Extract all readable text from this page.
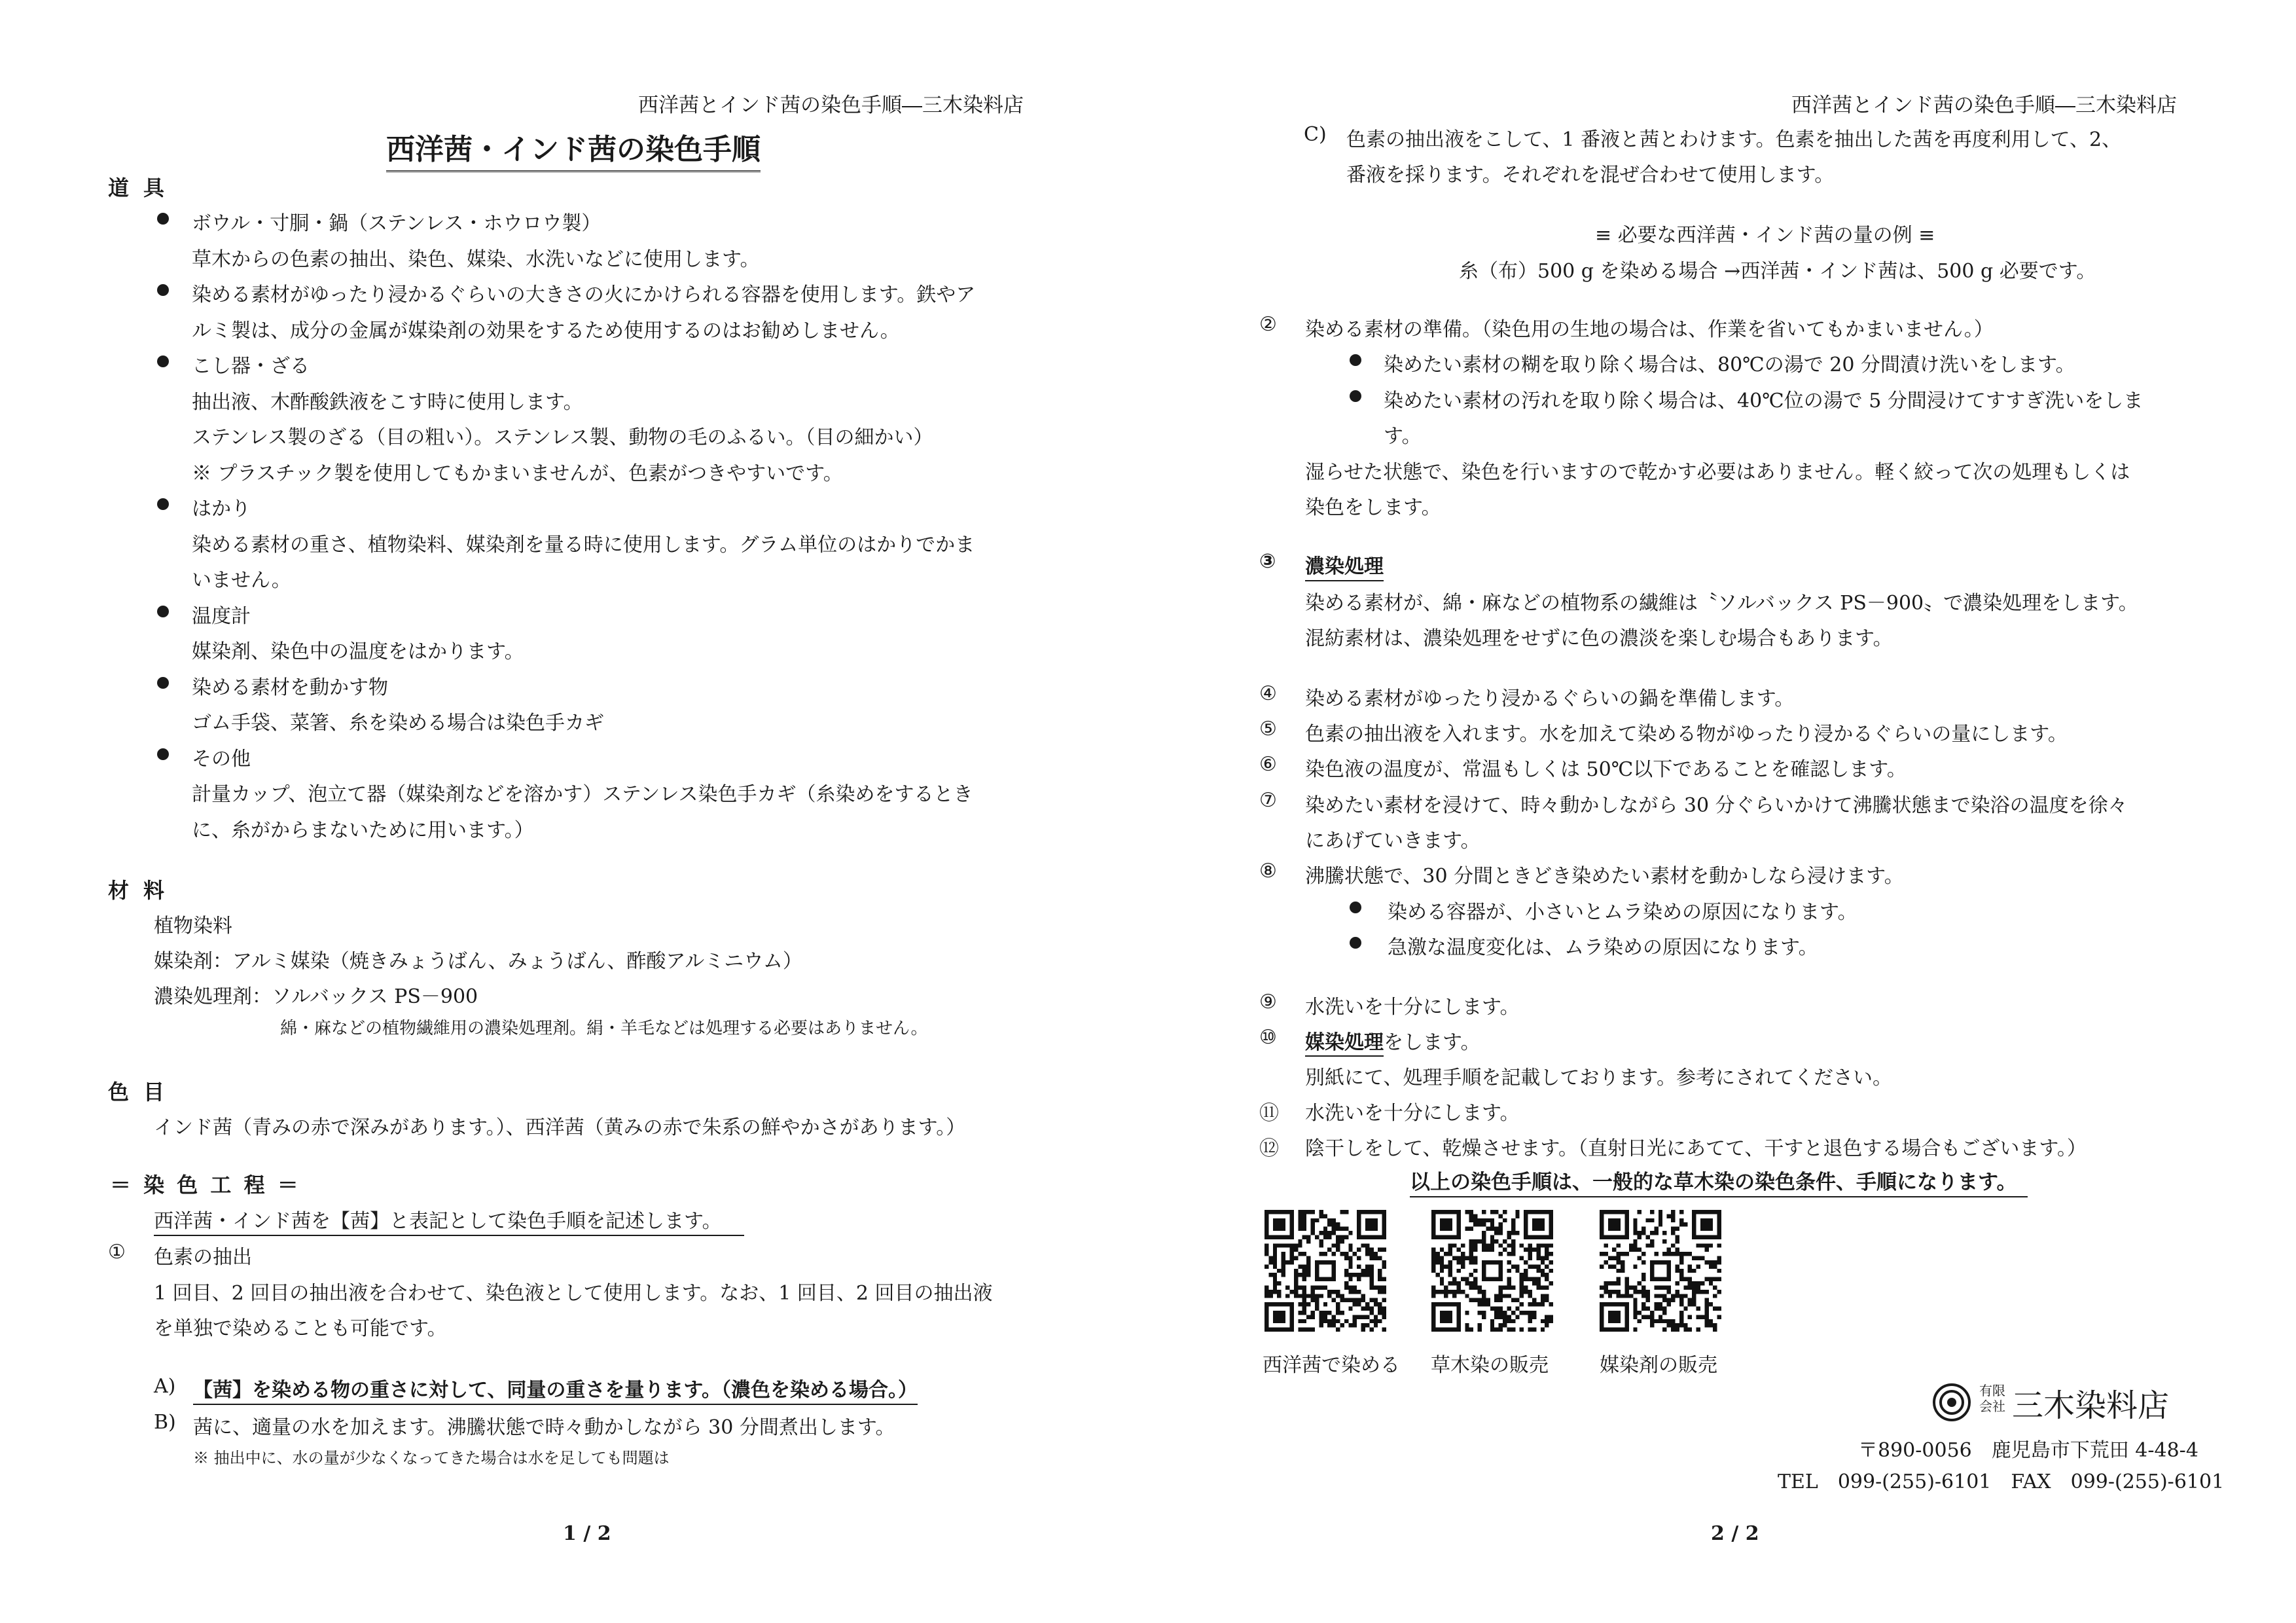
西洋茜とインド茜の染色手順―三木染料店
西洋茜・インド茜の染色手順
道具
ボウル・寸胴・鍋（ステンレス・ホウロウ製）
草木からの色素の抽出、染色、媒染、水洗いなどに使用します。
染める素材がゆったり浸かるぐらいの大きさの火にかけられる容器を使用します。鉄やア
ルミ製は、成分の金属が媒染剤の効果をするため使用するのはお勧めしません。
こし器・ざる
抽出液、木酢酸鉄液をこす時に使用します。
ステンレス製のざる（目の粗い）。ステンレス製、動物の毛のふるい。（目の細かい）
※ プラスチック製を使用してもかまいませんが、色素がつきやすいです。
はかり
染める素材の重さ、植物染料、媒染剤を量る時に使用します。グラム単位のはかりでかま
いません。
温度計
媒染剤、染色中の温度をはかります。
染める素材を動かす物
ゴム手袋、菜箸、糸を染める場合は染色手カギ
その他
計量カップ、泡立て器（媒染剤などを溶かす）ステンレス染色手カギ（糸染めをするとき
に、糸がからまないために用います。）
材料
植物染料
媒染剤：アルミ媒染（焼きみょうばん、みょうばん、酢酸アルミニウム）
濃染処理剤：ソルバックス PS－900
綿・麻などの植物繊維用の濃染処理剤。絹・羊毛などは処理する必要はありません。
色目
インド茜（青みの赤で深みがあります。）、西洋茜（黄みの赤で朱系の鮮やかさがあります。）
＝ 染 色 工 程 ＝
西洋茜・インド茜を【茜】と表記として染色手順を記述します。
① 色素の抽出
1 回目、2 回目の抽出液を合わせて、染色液として使用します。なお、1 回目、2 回目の抽出液
を単独で染めることも可能です。
A) 【茜】を染める物の重さに対して、同量の重さを量ります。（濃色を染める場合。）
B) 茜に、適量の水を加えます。沸騰状態で時々動かしながら 30 分間煮出します。
※ 抽出中に、水の量が少なくなってきた場合は水を足しても問題は
1 / 2
西洋茜とインド茜の染色手順―三木染料店
C) 色素の抽出液をこして、1 番液と茜とわけます。色素を抽出した茜を再度利用して、2、
番液を採ります。それぞれを混ぜ合わせて使用します。
≡ 必要な西洋茜・インド茜の量の例 ≡
糸（布）500 g を染める場合 →西洋茜・インド茜は、500 g 必要です。
② 染める素材の準備。（染色用の生地の場合は、作業を省いてもかまいません。）
染めたい素材の糊を取り除く場合は、80℃の湯で 20 分間漬け洗いをします。
染めたい素材の汚れを取り除く場合は、40℃位の湯で 5 分間浸けてすすぎ洗いをしま
す。
湿らせた状態で、染色を行いますので乾かす必要はありません。軽く絞って次の処理もしくは
染色をします。
③ 濃染処理
染める素材が、綿・麻などの植物系の繊維は〝ソルバックス PS－900〟で濃染処理をします。
混紡素材は、濃染処理をせずに色の濃淡を楽しむ場合もあります。
④ 染める素材がゆったり浸かるぐらいの鍋を準備します。
⑤ 色素の抽出液を入れます。水を加えて染める物がゆったり浸かるぐらいの量にします。
⑥ 染色液の温度が、常温もしくは 50℃以下であることを確認します。
⑦ 染めたい素材を浸けて、時々動かしながら 30 分ぐらいかけて沸騰状態まで染浴の温度を徐々
にあげていきます。
⑧ 沸騰状態で、30 分間ときどき染めたい素材を動かしなら浸けます。
染める容器が、小さいとムラ染めの原因になります。
急激な温度変化は、ムラ染めの原因になります。
⑨ 水洗いを十分にします。
⑩ 媒染処理をします。
別紙にて、処理手順を記載しております。参考にされてください。
⑪ 水洗いを十分にします。
⑫ 陰干しをして、乾燥させます。（直射日光にあてて、干すと退色する場合もございます。）
以上の染色手順は、一般的な草木染の染色条件、手順になります。
西洋茜で染める 草木染の販売	媒染剤の販売
有限
会社 三木染料店
〒890-0056　鹿児島市下荒田 4-48-4
TEL　099-(255)-6101　FAX　099-(255)-6101
2 / 2
